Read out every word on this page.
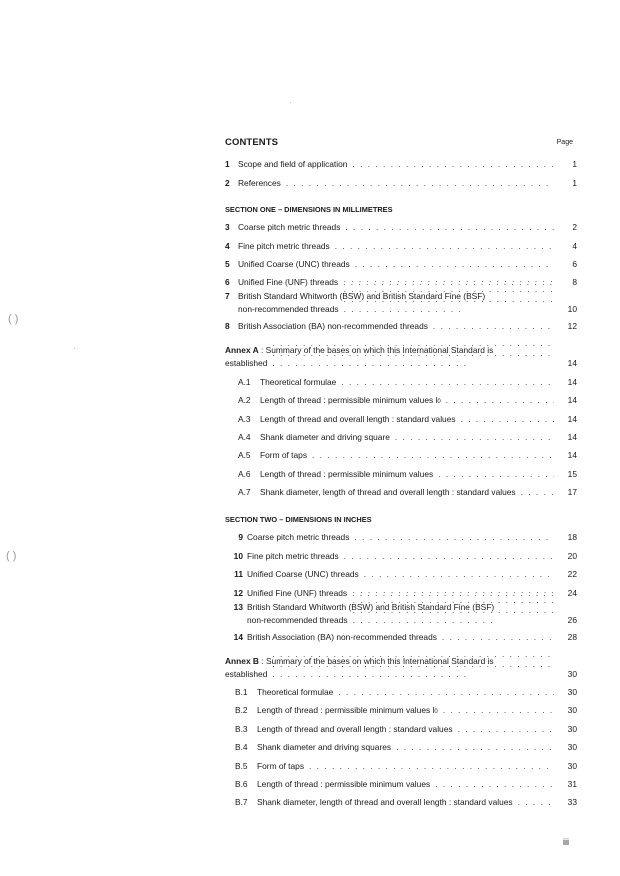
( )
( )
CONTENTS	Page
1 Scope and field of application . . .	1
2 References . . .	1
SECTION ONE – DIMENSIONS IN MILLIMETRES
3 Coarse pitch metric threads . . .	2
4 Fine pitch metric threads . . .	4
5 Unified Coarse (UNC) threads . . .	6
6 Unified Fine (UNF) threads . . .	8
7 British Standard Whitworth (BSW) and British Standard Fine (BSF)
non-recommended threads . . .	10
8 British Association (BA) non-recommended threads . . .	12
Annex A : Summary of the bases on which this International Standard is
established . . .	14
A.1	Theoretical formulae . . .	14
A.2	Length of thread : permissible minimum values $l_0$ . . .	14
A.3	Length of thread and overall length : standard values . . .	14
A.4	Shank diameter and driving square . . .	14
A.5	Form of taps . . .	14
A.6	Length of thread : permissible minimum values . . .	15
A.7	Shank diameter, length of thread and overall length : standard values . . .	17
SECTION TWO – DIMENSIONS IN INCHES
9 Coarse pitch metric threads . . .	18
10 Fine pitch metric threads . . .	20
11 Unified Coarse (UNC) threads . . .	22
12 Unified Fine (UNF) threads . . .	24
13 British Standard Whitworth (BSW) and British Standard Fine (BSF)
non-recommended threads . . .	26
14 British Association (BA) non-recommended threads . . .	28
Annex B : Summary of the bases on which this International Standard is
established . . .	30
B.1	Theoretical formulae . . .	30
B.2	Length of thread : permissible minimum values $l_0$ . . .	30
B.3	Length of thread and overall length : standard values . . .	30
B.4	Shank diameter and driving squares . . .	30
B.5	Form of taps . . .	30
B.6	Length of thread : permissible minimum values . . .	31
B.7	Shank diameter, length of thread and overall length : standard values . . .	33
iii
